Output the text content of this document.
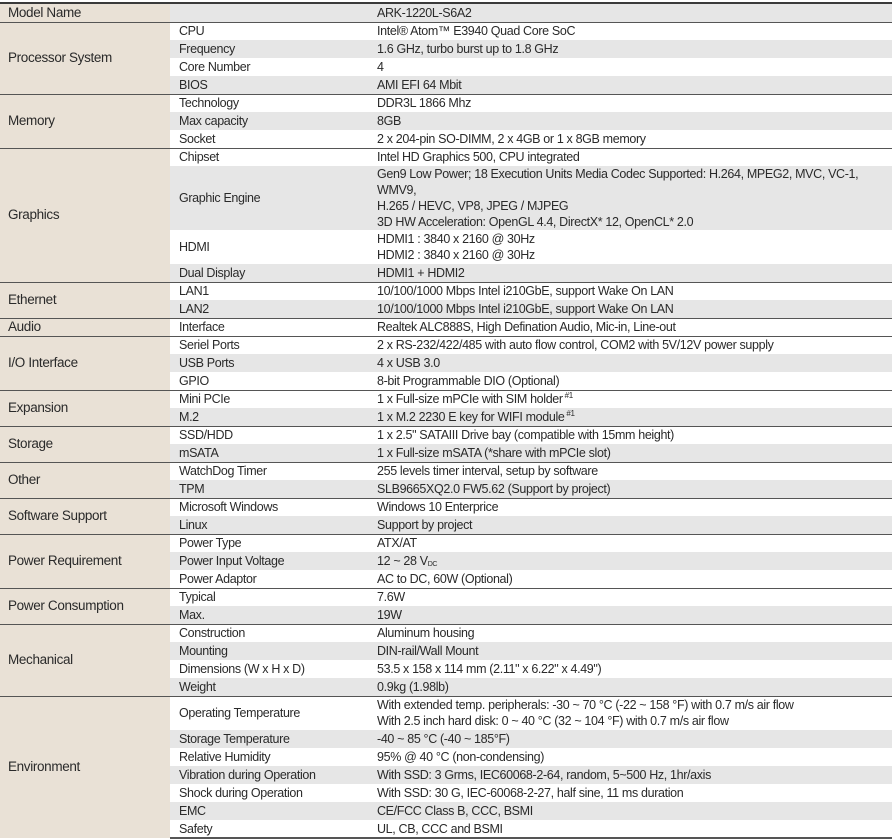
Model Name		ARK-1220L-S6A2
Processor System	CPU	Intel® Atom™ E3940 Quad Core SoC

	Frequency	1.6 GHz, turbo burst up to 1.8 GHz

	Core Number	4

	BIOS	AMI EFI 64 Mbit

Memory	Technology	DDR3L 1866 Mhz

	Max capacity	8GB

	Socket	2 x 204-pin SO-DIMM, 2 x 4GB or 1 x 8GB memory

Graphics	Chipset	Intel HD Graphics 500, CPU integrated

	Graphic Engine	Gen9 Low Power; 18 Execution Units Media Codec Supported: H.264, MPEG2, MVC, VC-1, WMV9,
H.265 / HEVC, VP8, JPEG / MJPEG
3D HW Acceleration: OpenGL 4.4, DirectX* 12, OpenCL* 2.0

	HDMI	HDMI1 : 3840 x 2160 @ 30Hz
HDMI2 : 3840 x 2160 @ 30Hz

	Dual Display	HDMI1 + HDMI2

Ethernet	LAN1	10/100/1000 Mbps Intel i210GbE, support Wake On LAN

	LAN2	10/100/1000 Mbps Intel i210GbE, support Wake On LAN

Audio	Interface	Realtek ALC888S, High Defination Audio, Mic-in, Line-out

I/O Interface	Seriel Ports	2 x RS-232/422/485 with auto flow control, COM2 with 5V/12V power supply

	USB Ports	4 x USB 3.0

	GPIO	8-bit Programmable DIO (Optional)

Expansion	Mini PCIe	1 x Full-size mPCIe with SIM holder $^{\#1}$

	M.2	1 x M.2 2230 E key for WIFI module $^{\#1}$

Storage	SSD/HDD	1 x 2.5" SATAIII Drive bay (compatible with 15mm height)

	mSATA	1 x Full-size mSATA (*share with mPCIe slot)

Other	WatchDog Timer	255 levels timer interval, setup by software

	TPM	SLB9665XQ2.0 FW5.62 (Support by project)

Software Support	Microsoft Windows	Windows 10 Enterprice

	Linux	Support by project

Power Requirement	Power Type	ATX/AT

	Power Input Voltage	12 ~ 28 $V_{DC}$

	Power Adaptor	AC to DC, 60W (Optional)

Power Consumption	Typical	7.6W

	Max.	19W

Mechanical	Construction	Aluminum housing

	Mounting	DIN-rail/Wall Mount

	Dimensions (W x H x D)	53.5 x 158 x 114 mm (2.11" x 6.22" x 4.49")

	Weight	0.9kg (1.98lb)

Environment	Operating Temperature	With extended temp. peripherals: -30 ~ 70 °C (-22 ~ 158 °F) with 0.7 m/s air flow
With 2.5 inch hard disk: 0 ~ 40 °C (32 ~ 104 °F) with 0.7 m/s air flow

	Storage Temperature	-40 ~ 85 °C (-40 ~ 185°F)

	Relative Humidity	95% @ 40 °C (non-condensing)

	Vibration during Operation	With SSD: 3 Grms, IEC60068-2-64, random, 5~500 Hz, 1hr/axis

	Shock during Operation	With SSD: 30 G, IEC-60068-2-27, half sine, 11 ms duration

	EMC	CE/FCC Class B, CCC, BSMI

	Safety	UL, CB, CCC and BSMI
